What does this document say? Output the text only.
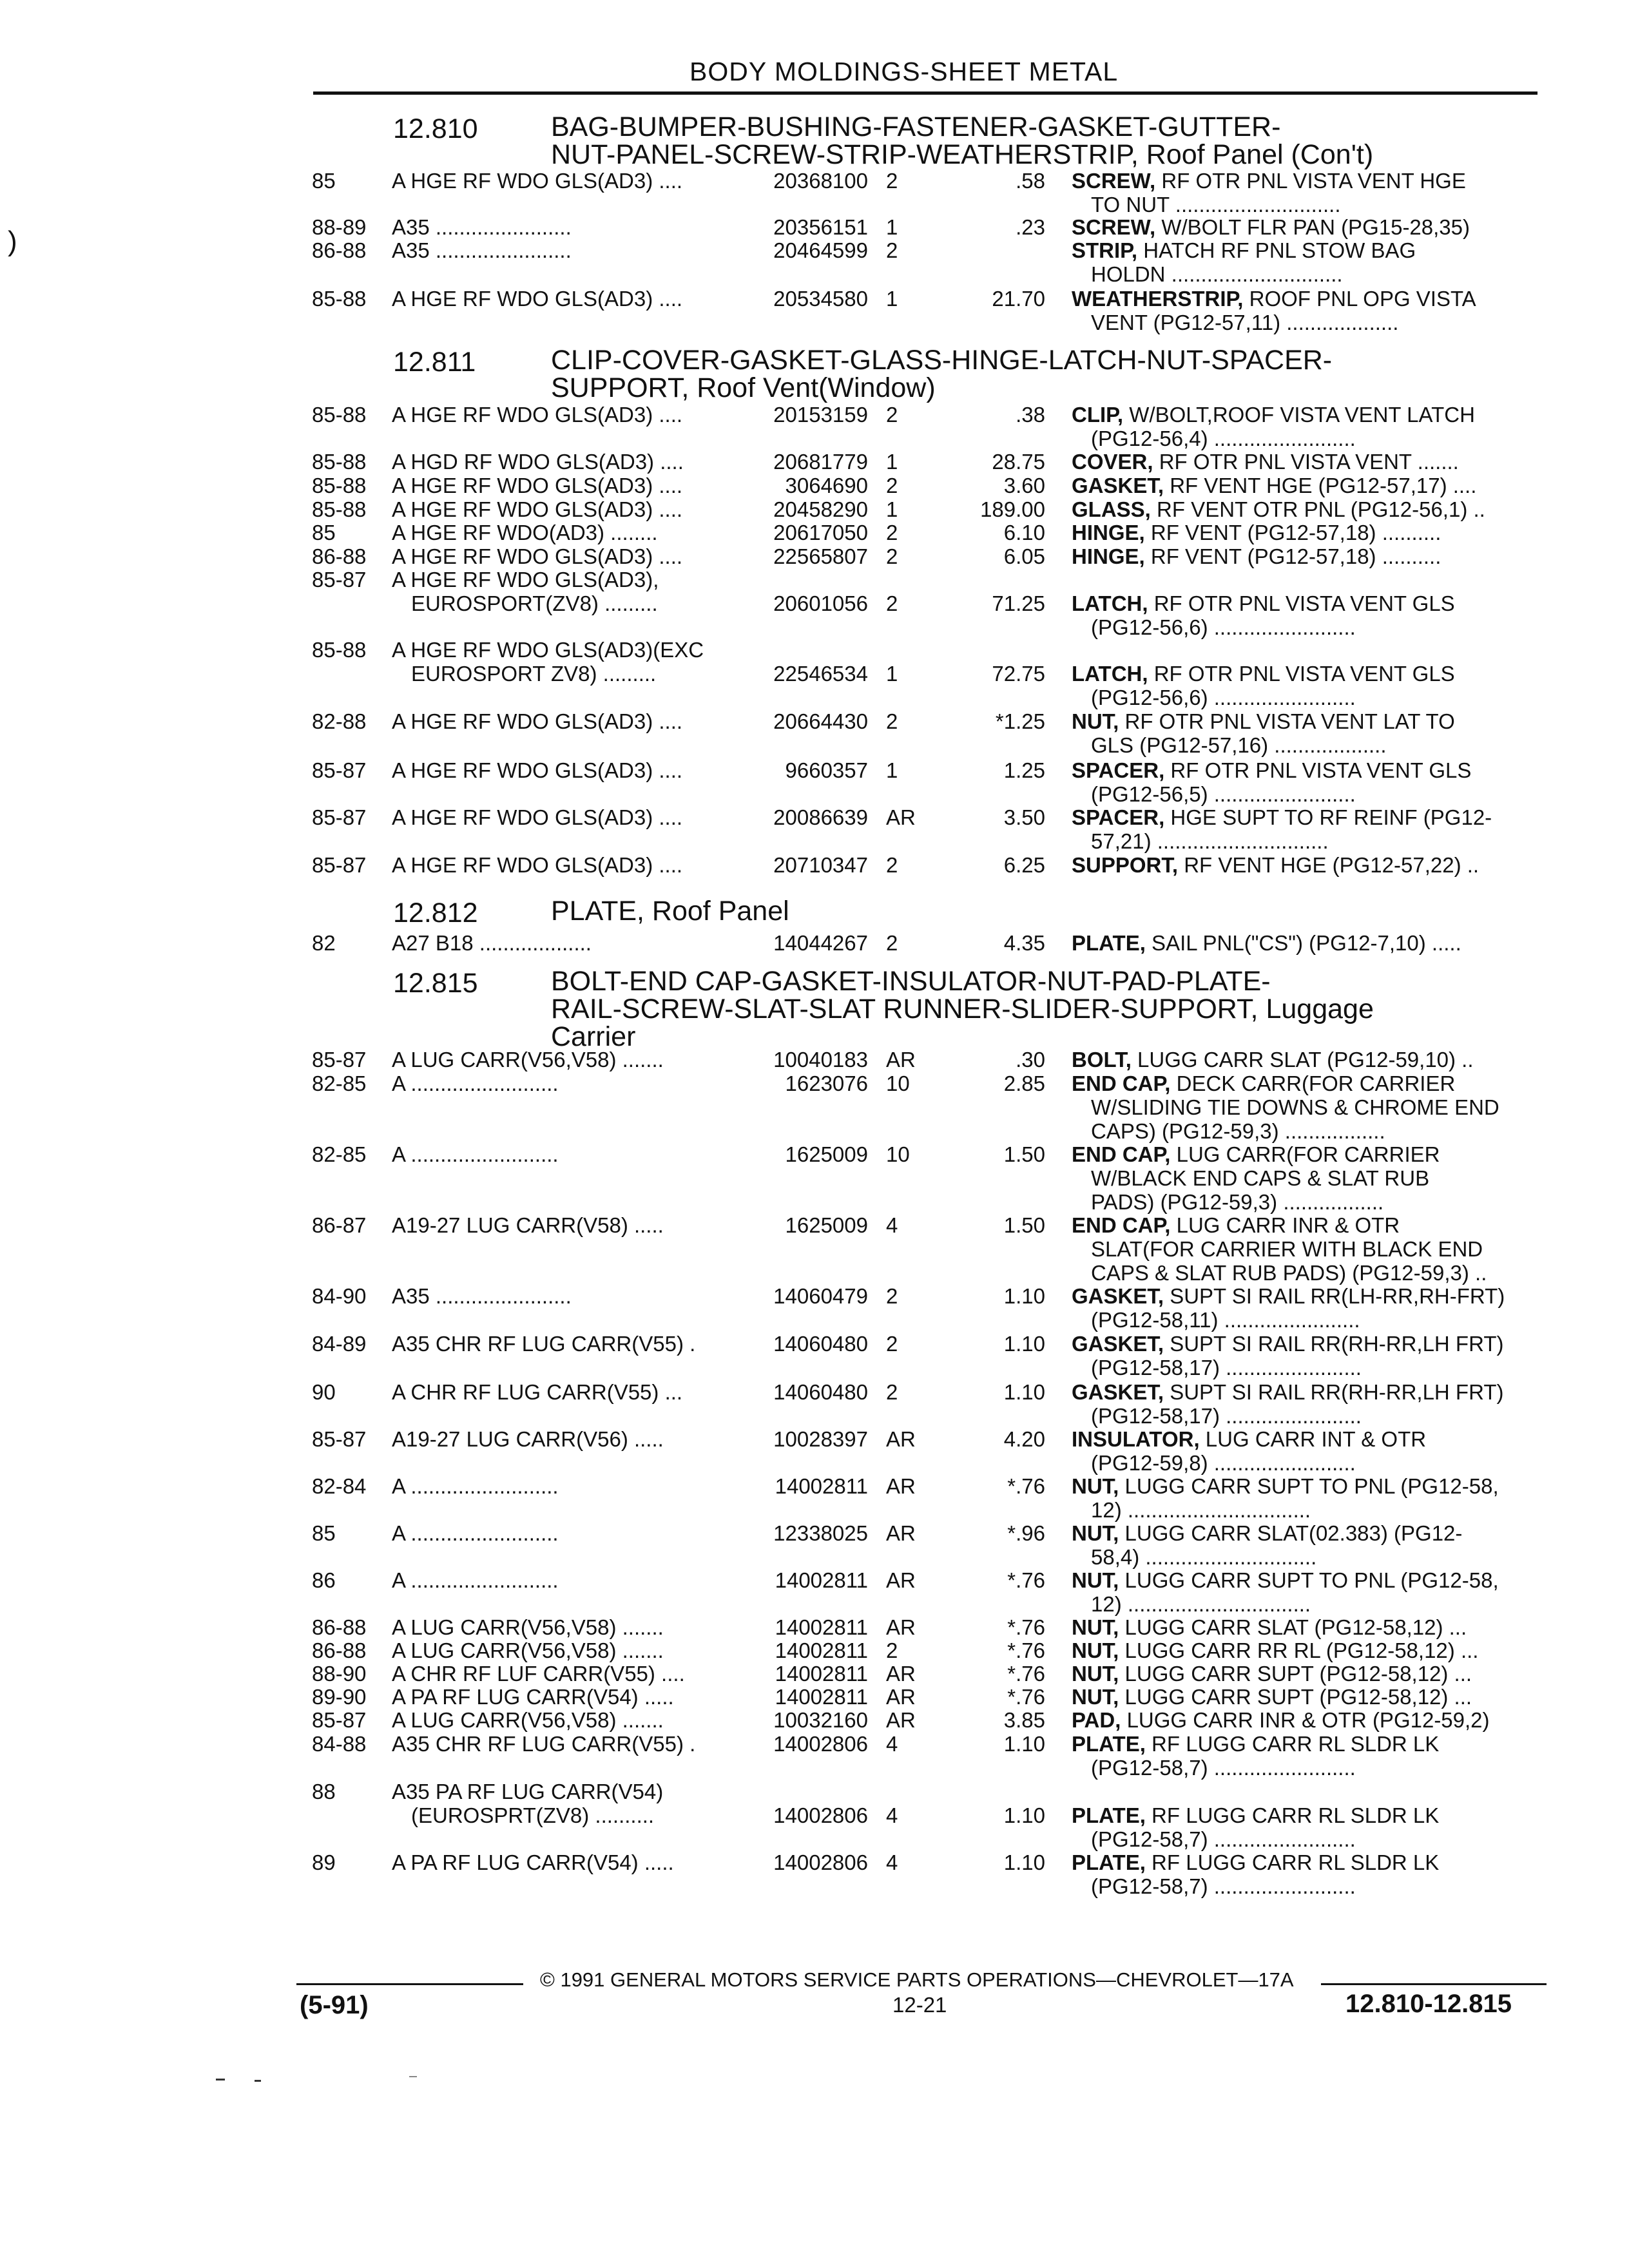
BODY MOLDINGS-SHEET METAL
)
12.810	BAG-BUMPER-BUSHING-FASTENER-GASKET-GUTTER-
NUT-PANEL-SCREW-STRIP-WEATHERSTRIP, Roof Panel (Con't)
85	A HGE RF WDO GLS(AD3) ....	20368100 2	.58 SCREW, RF OTR PNL VISTA VENT HGE
TO NUT ............................
88-89 A35 .......................	20356151 1	.23 SCREW, W/BOLT FLR PAN (PG15-28,35)
86-88 A35 .......................	20464599 2	STRIP, HATCH RF PNL STOW BAG
HOLDN .............................
85-88 A HGE RF WDO GLS(AD3) ....	20534580 1	21.70 WEATHERSTRIP, ROOF PNL OPG VISTA
VENT (PG12-57,11) ...................
12.811	CLIP-COVER-GASKET-GLASS-HINGE-LATCH-NUT-SPACER-
SUPPORT, Roof Vent(Window)
85-88 A HGE RF WDO GLS(AD3) ....	20153159 2	.38 CLIP, W/BOLT,ROOF VISTA VENT LATCH
(PG12-56,4) ........................
85-88 A HGD RF WDO GLS(AD3) ....	20681779 1	28.75 COVER, RF OTR PNL VISTA VENT .......
85-88 A HGE RF WDO GLS(AD3) ....	3064690 2	3.60 GASKET, RF VENT HGE (PG12-57,17) ....
85-88 A HGE RF WDO GLS(AD3) ....	20458290 1	189.00 GLASS, RF VENT OTR PNL (PG12-56,1) ..
85	A HGE RF WDO(AD3) ........	20617050 2	6.10 HINGE, RF VENT (PG12-57,18) ..........
86-88 A HGE RF WDO GLS(AD3) ....	22565807 2	6.05 HINGE, RF VENT (PG12-57,18) ..........
85-87 A HGE RF WDO GLS(AD3),
EUROSPORT(ZV8) .........	20601056 2	71.25 LATCH, RF OTR PNL VISTA VENT GLS
(PG12-56,6) ........................
85-88 A HGE RF WDO GLS(AD3)(EXC
EUROSPORT ZV8) .........	22546534 1	72.75 LATCH, RF OTR PNL VISTA VENT GLS
(PG12-56,6) ........................
82-88 A HGE RF WDO GLS(AD3) ....	20664430 2	*1.25 NUT, RF OTR PNL VISTA VENT LAT TO
GLS (PG12-57,16) ...................
85-87 A HGE RF WDO GLS(AD3) ....	9660357 1	1.25 SPACER, RF OTR PNL VISTA VENT GLS
(PG12-56,5) ........................
85-87 A HGE RF WDO GLS(AD3) ....	20086639 AR	3.50 SPACER, HGE SUPT TO RF REINF (PG12-
57,21) .............................
85-87 A HGE RF WDO GLS(AD3) ....	20710347 2	6.25 SUPPORT, RF VENT HGE (PG12-57,22) ..
12.812	PLATE, Roof Panel
82	A27 B18 ...................	14044267 2	4.35 PLATE, SAIL PNL("CS") (PG12-7,10) .....
12.815	BOLT-END CAP-GASKET-INSULATOR-NUT-PAD-PLATE-
RAIL-SCREW-SLAT-SLAT RUNNER-SLIDER-SUPPORT, Luggage
Carrier
85-87 A LUG CARR(V56,V58) .......	10040183 AR	.30 BOLT, LUGG CARR SLAT (PG12-59,10) ..
82-85 A .........................	1623076 10	2.85 END CAP, DECK CARR(FOR CARRIER
W/SLIDING TIE DOWNS & CHROME END
CAPS) (PG12-59,3) .................
82-85 A .........................	1625009 10	1.50 END CAP, LUG CARR(FOR CARRIER
W/BLACK END CAPS & SLAT RUB
PADS) (PG12-59,3) .................
86-87 A19-27 LUG CARR(V58) .....	1625009 4	1.50 END CAP, LUG CARR INR & OTR
SLAT(FOR CARRIER WITH BLACK END
CAPS & SLAT RUB PADS) (PG12-59,3) ..
84-90 A35 .......................	14060479 2	1.10 GASKET, SUPT SI RAIL RR(LH-RR,RH-FRT)
(PG12-58,11) .......................
84-89 A35 CHR RF LUG CARR(V55) .	14060480 2	1.10 GASKET, SUPT SI RAIL RR(RH-RR,LH FRT)
(PG12-58,17) .......................
90	A CHR RF LUG CARR(V55) ...	14060480 2	1.10 GASKET, SUPT SI RAIL RR(RH-RR,LH FRT)
(PG12-58,17) .......................
85-87 A19-27 LUG CARR(V56) .....	10028397 AR	4.20 INSULATOR, LUG CARR INT & OTR
(PG12-59,8) ........................
82-84 A .........................	14002811 AR	*.76 NUT, LUGG CARR SUPT TO PNL (PG12-58,
12) ...............................
85	A .........................	12338025 AR	*.96 NUT, LUGG CARR SLAT(02.383) (PG12-
58,4) .............................
86	A .........................	14002811 AR	*.76 NUT, LUGG CARR SUPT TO PNL (PG12-58,
12) ...............................
86-88 A LUG CARR(V56,V58) .......	14002811 AR	*.76 NUT, LUGG CARR SLAT (PG12-58,12) ...
86-88 A LUG CARR(V56,V58) .......	14002811 2	*.76 NUT, LUGG CARR RR RL (PG12-58,12) ...
88-90 A CHR RF LUF CARR(V55) ....	14002811 AR	*.76 NUT, LUGG CARR SUPT (PG12-58,12) ...
89-90 A PA RF LUG CARR(V54) .....	14002811 AR	*.76 NUT, LUGG CARR SUPT (PG12-58,12) ...
85-87 A LUG CARR(V56,V58) .......	10032160 AR	3.85 PAD, LUGG CARR INR & OTR (PG12-59,2)
84-88 A35 CHR RF LUG CARR(V55) .	14002806 4	1.10 PLATE, RF LUGG CARR RL SLDR LK
(PG12-58,7) ........................
88	A35 PA RF LUG CARR(V54)
(EUROSPRT(ZV8) ..........	14002806 4	1.10 PLATE, RF LUGG CARR RL SLDR LK
(PG12-58,7) ........................
89	A PA RF LUG CARR(V54) .....	14002806 4	1.10 PLATE, RF LUGG CARR RL SLDR LK
(PG12-58,7) ........................
© 1991 GENERAL MOTORS SERVICE PARTS OPERATIONS—CHEVROLET—17A
(5-91)	12-21	12.810-12.815
